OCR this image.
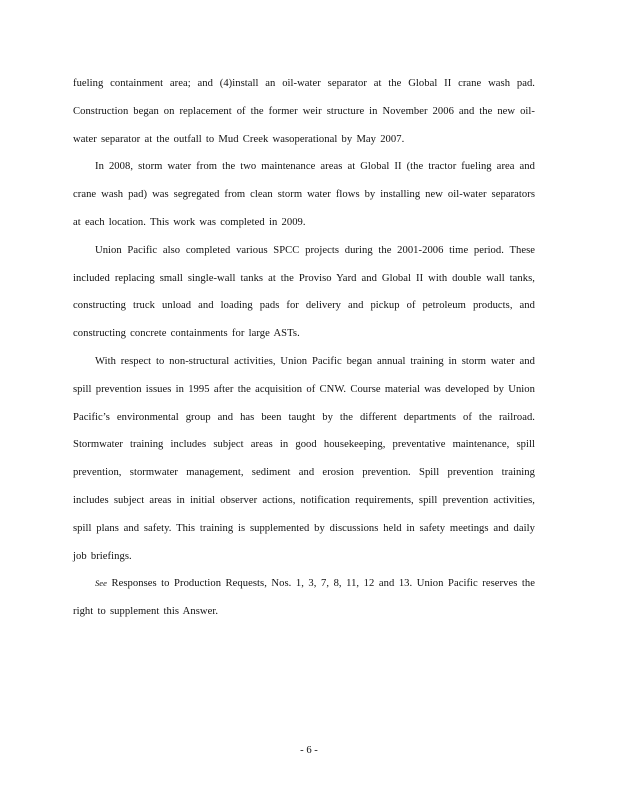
fueling containment area; and (4)install an oil-water separator at the Global II crane wash pad. Construction began on replacement of the former weir structure in November 2006 and the new oil-water separator at the outfall to Mud Creek wasoperational by May 2007.

In 2008, storm water from the two maintenance areas at Global II (the tractor fueling area and crane wash pad) was segregated from clean storm water flows by installing new oil-water separators at each location. This work was completed in 2009.

Union Pacific also completed various SPCC projects during the 2001-2006 time period. These included replacing small single-wall tanks at the Proviso Yard and Global II with double wall tanks, constructing truck unload and loading pads for delivery and pickup of petroleum products, and constructing concrete containments for large ASTs.

With respect to non-structural activities, Union Pacific began annual training in storm water and spill prevention issues in 1995 after the acquisition of CNW. Course material was developed by Union Pacific’s environmental group and has been taught by the different departments of the railroad. Stormwater training includes subject areas in good housekeeping, preventative maintenance, spill prevention, stormwater management, sediment and erosion prevention. Spill prevention training includes subject areas in initial observer actions, notification requirements, spill prevention activities, spill plans and safety. This training is supplemented by discussions held in safety meetings and daily job briefings.

See Responses to Production Requests, Nos. 1, 3, 7, 8, 11, 12 and 13. Union Pacific reserves the right to supplement this Answer.

- 6 -
